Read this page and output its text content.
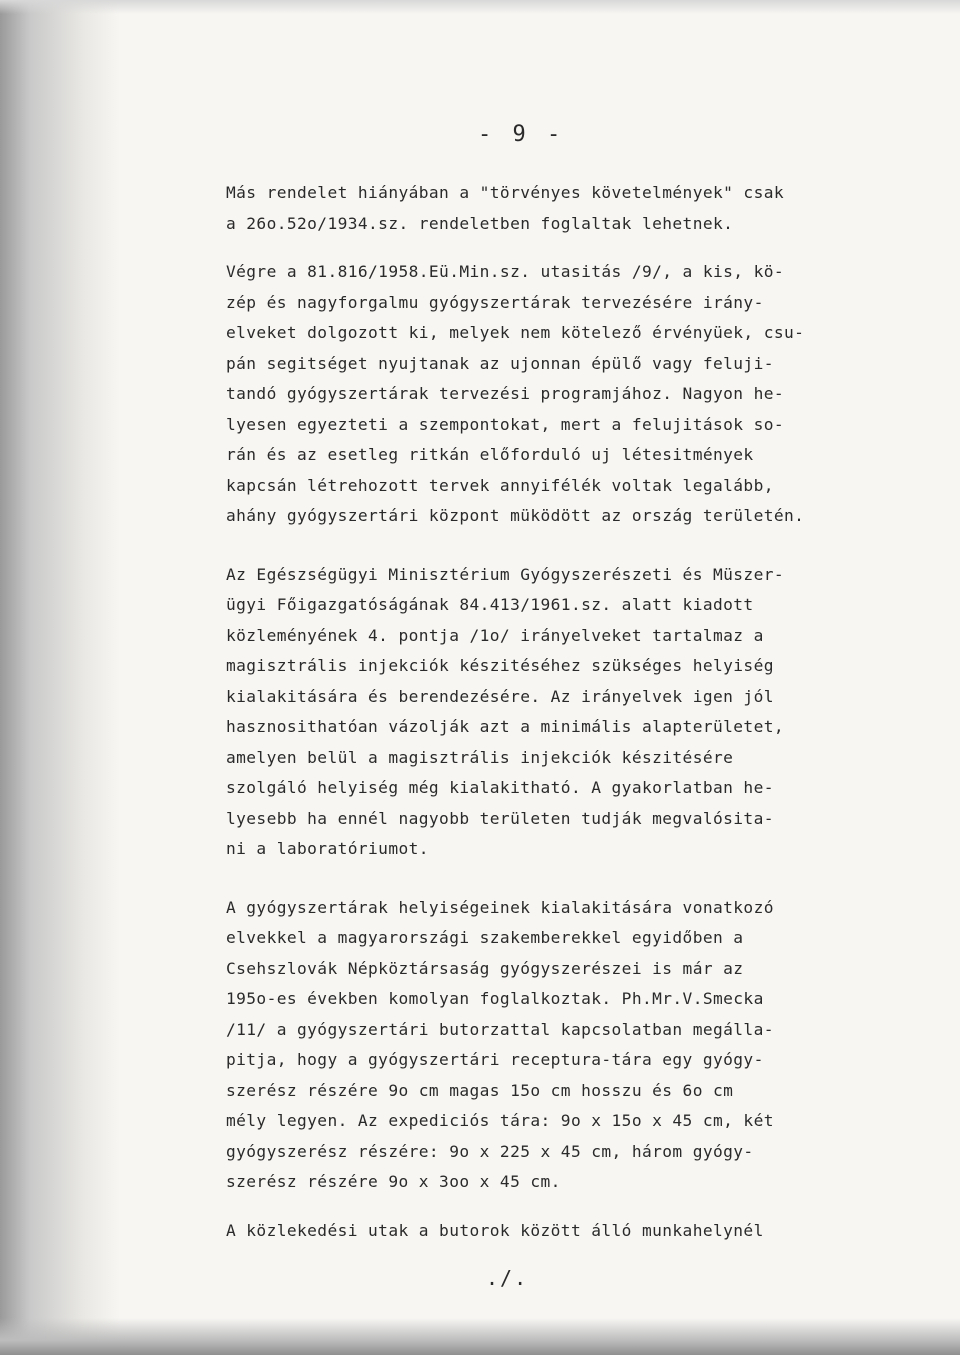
- 9 -
Más rendelet hiányában a "törvényes követelmények" csak
a 26o.52o/1934.sz. rendeletben foglaltak lehetnek.
Végre a 81.816/1958.Eü.Min.sz. utasitás /9/, a kis, kö-
zép és nagyforgalmu gyógyszertárak tervezésére irány-
elveket dolgozott ki, melyek nem kötelező érvényüek, csu-
pán segitséget nyujtanak az ujonnan épülő vagy feluji-
tandó gyógyszertárak tervezési programjához. Nagyon he-
lyesen egyezteti a szempontokat, mert a felujitások so-
rán és az esetleg ritkán előforduló uj létesitmények
kapcsán létrehozott tervek annyifélék voltak legalább,
ahány gyógyszertári központ müködött az ország területén.
Az Egészségügyi Minisztérium Gyógyszerészeti és Müszer-
ügyi Főigazgatóságának 84.413/1961.sz. alatt kiadott
közleményének 4. pontja /1o/ irányelveket tartalmaz a
magisztrális injekciók készitéséhez szükséges helyiség
kialakitására és berendezésére. Az irányelvek igen jól
hasznosithatóan vázolják azt a minimális alapterületet,
amelyen belül a magisztrális injekciók készitésére
szolgáló helyiség még kialakitható. A gyakorlatban he-
lyesebb ha ennél nagyobb területen tudják megvalósita-
ni a laboratóriumot.
A gyógyszertárak helyiségeinek kialakitására vonatkozó
elvekkel a magyarországi szakemberekkel egyidőben a
Csehszlovák Népköztársaság gyógyszerészei is már az
195o-es években komolyan foglalkoztak. Ph.Mr.V.Smecka
/11/ a gyógyszertári butorzattal kapcsolatban megálla-
pitja, hogy a gyógyszertári receptura-tára egy gyógy-
szerész részére 9o cm magas 15o cm hosszu és 6o cm
mély legyen. Az expediciós tára: 9o x 15o x 45 cm, két
gyógyszerész részére: 9o x 225 x 45 cm, három gyógy-
szerész részére 9o x 3oo x 45 cm.
A közlekedési utak a butorok között álló munkahelynél
./.
